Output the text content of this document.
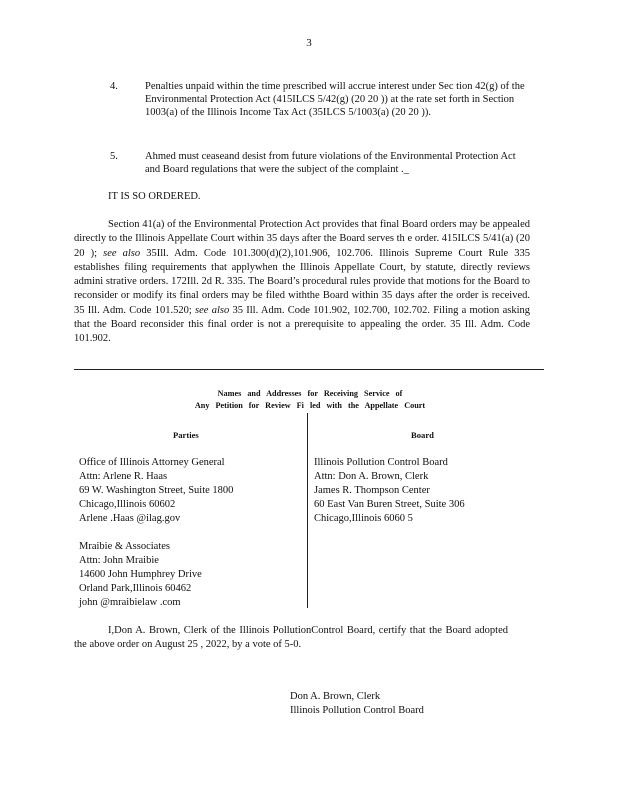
3
4.	Penalties unpaid within the time prescribed will accrue interest under Sec tion 42(g) of the Environmental Protection Act (415ILCS 5/42(g) (20 20 )) at the rate set forth in Section 1003(a) of the Illinois Income Tax Act (35ILCS 5/1003(a) (20 20 )).
5.	Ahmed must ceaseand desist from future violations of the Environmental Protection Act and Board regulations that were the subject of the complaint ._
IT IS SO ORDERED.
Section 41(a) of the Environmental Protection Act provides that final Board orders may be appealed directly to the Illinois Appellate Court within 35 days after the Board serves th e order. 415ILCS 5/41(a) (20 20 ); see also 35Ill. Adm. Code 101.300(d)(2),101.906, 102.706. Illinois Supreme Court Rule 335 establishes filing requirements that applywhen the Illinois Appellate Court, by statute, directly reviews admini strative orders. 172Ill. 2d R. 335. The Board’s procedural rules provide that motions for the Board to reconsider or modify its final orders may be filed withthe Board within 35 days after the order is received. 35 Ill. Adm. Code 101.520; see also 35 Ill. Adm. Code 101.902, 102.700, 102.702. Filing a motion asking that the Board reconsider this final order is not a prerequisite to appealing the order. 35 Ill. Adm. Code 101.902.
Names and Addresses for Receiving Service of
Any Petition for Review Fi led with the Appellate Court
Parties	Board
Office of Illinois Attorney General
Attn: Arlene R. Haas
69 W. Washington Street, Suite 1800
Chicago,Illinois 60602
Arlene .Haas @ilag.gov
Mraibie & Associates
Attn: John Mraibie
14600 John Humphrey Drive
Orland Park,Illinois 60462
john @mraibielaw .com
Illinois Pollution Control Board
Attn: Don A. Brown, Clerk
James R. Thompson Center
60 East Van Buren Street, Suite 306
Chicago,Illinois 6060 5
I,Don A. Brown, Clerk of the Illinois PollutionControl Board, certify that the Board adopted the above order on August 25 , 2022, by a vote of 5-0.
Don A. Brown, Clerk
Illinois Pollution Control Board
